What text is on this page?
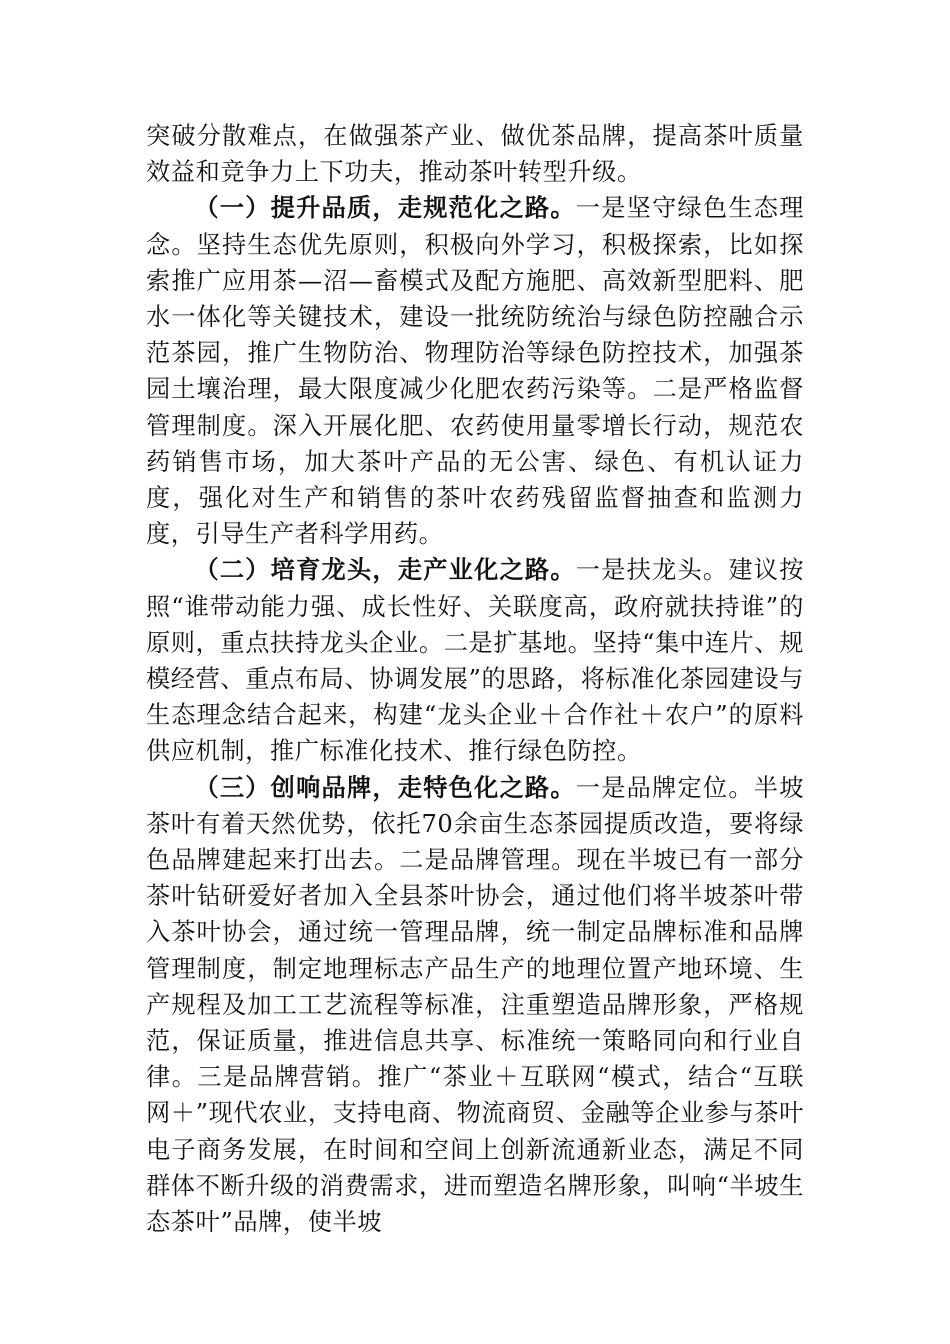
突破分散难点，在做强茶产业、做优茶品牌，提高茶叶质量效益和竞争力上下功夫，推动茶叶转型升级。

（一）提升品质，走规范化之路。一是坚守绿色生态理念。坚持生态优先原则，积极向外学习，积极探索，比如探索推广应用茶—沼—畜模式及配方施肥、高效新型肥料、肥水一体化等关键技术，建设一批统防统治与绿色防控融合示范茶园，推广生物防治、物理防治等绿色防控技术，加强茶园土壤治理，最大限度减少化肥农药污染等。二是严格监督管理制度。深入开展化肥、农药使用量零增长行动，规范农药销售市场，加大茶叶产品的无公害、绿色、有机认证力度，强化对生产和销售的茶叶农药残留监督抽查和监测力度，引导生产者科学用药。

（二）培育龙头，走产业化之路。一是扶龙头。建议按照“谁带动能力强、成长性好、关联度高，政府就扶持谁”的原则，重点扶持龙头企业。二是扩基地。坚持“集中连片、规模经营、重点布局、协调发展”的思路，将标准化茶园建设与生态理念结合起来，构建“龙头企业＋合作社＋农户”的原料供应机制，推广标准化技术、推行绿色防控。

（三）创响品牌，走特色化之路。一是品牌定位。半坡茶叶有着天然优势，依托70余亩生态茶园提质改造，要将绿色品牌建起来打出去。二是品牌管理。现在半坡已有一部分茶叶钻研爱好者加入全县茶叶协会，通过他们将半坡茶叶带入茶叶协会，通过统一管理品牌，统一制定品牌标准和品牌管理制度，制定地理标志产品生产的地理位置产地环境、生产规程及加工工艺流程等标准，注重塑造品牌形象，严格规范，保证质量，推进信息共享、标准统一策略同向和行业自律。三是品牌营销。推广“茶业＋互联网“模式，结合“互联网＋”现代农业，支持电商、物流商贸、金融等企业参与茶叶电子商务发展，在时间和空间上创新流通新业态，满足不同群体不断升级的消费需求，进而塑造名牌形象，叫响“半坡生态茶叶”品牌，使半坡
